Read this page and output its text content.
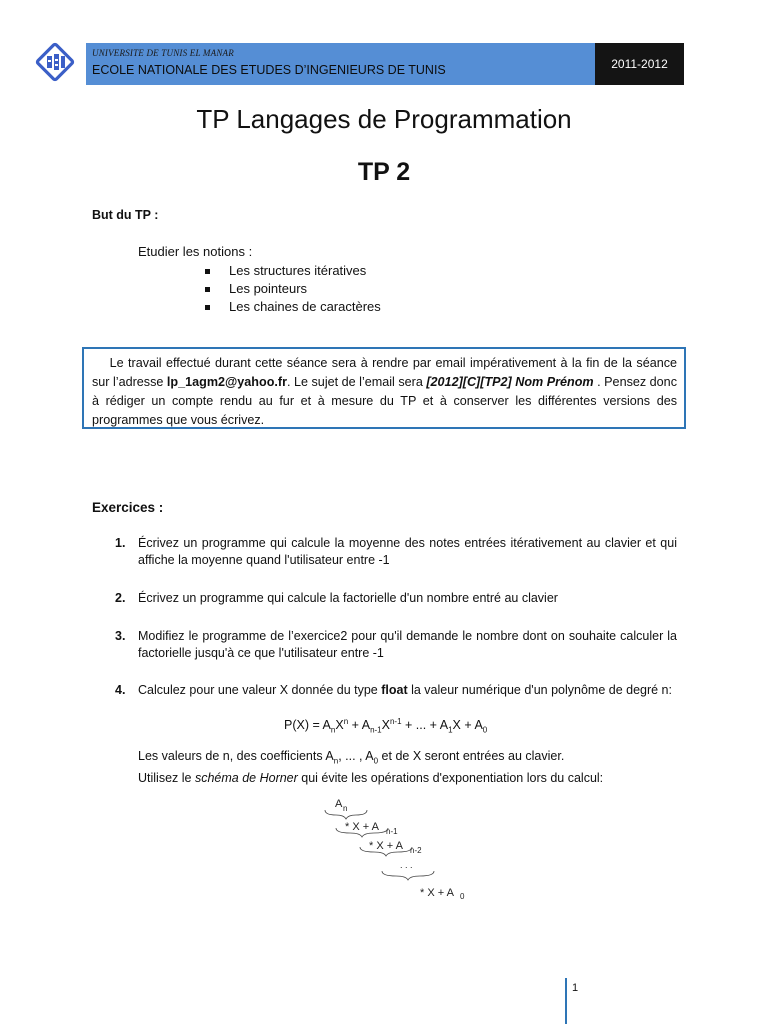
UNIVERSITE DE TUNIS EL MANAR
ECOLE NATIONALE DES ETUDES D’INGENIEURS DE TUNIS	2011-2012
TP Langages de Programmation
TP 2
But du TP :
Etudier les notions :
Les structures itératives
Les pointeurs
Les chaines de caractères
Le travail effectué durant cette séance sera à rendre par email impérativement à la fin de la séance sur l’adresse lp_1agm2@yahoo.fr. Le sujet de l’email sera [2012][C][TP2] Nom Prénom . Pensez donc à rédiger un compte rendu au fur et à mesure du TP et à conserver les différentes versions des programmes que vous écrivez.
Exercices :
1. Écrivez un programme qui calcule la moyenne des notes entrées itérativement au clavier et qui affiche la moyenne quand l'utilisateur entre -1
2. Écrivez un programme qui calcule la factorielle d'un nombre entré au clavier
3. Modifiez le programme de l’exercice2 pour qu'il demande le nombre dont on souhaite calculer la factorielle jusqu'à ce que l'utilisateur entre -1
4. Calculez pour une valeur X donnée du type float la valeur numérique d'un polynôme de degré n:
$P(X) = A_nX^n + A_{n-1}X^{n-1}$ + ... + $A_1X + A_0$
Les valeurs de n, des coefficients $A_n$, ... , $A_0$ et de X seront entrées au clavier.
Utilisez le schéma de Horner qui évite les opérations d'exponentiation lors du calcul:
A n
* X + A n-1
* X + A n-2
. . .
* X + A 0
1
